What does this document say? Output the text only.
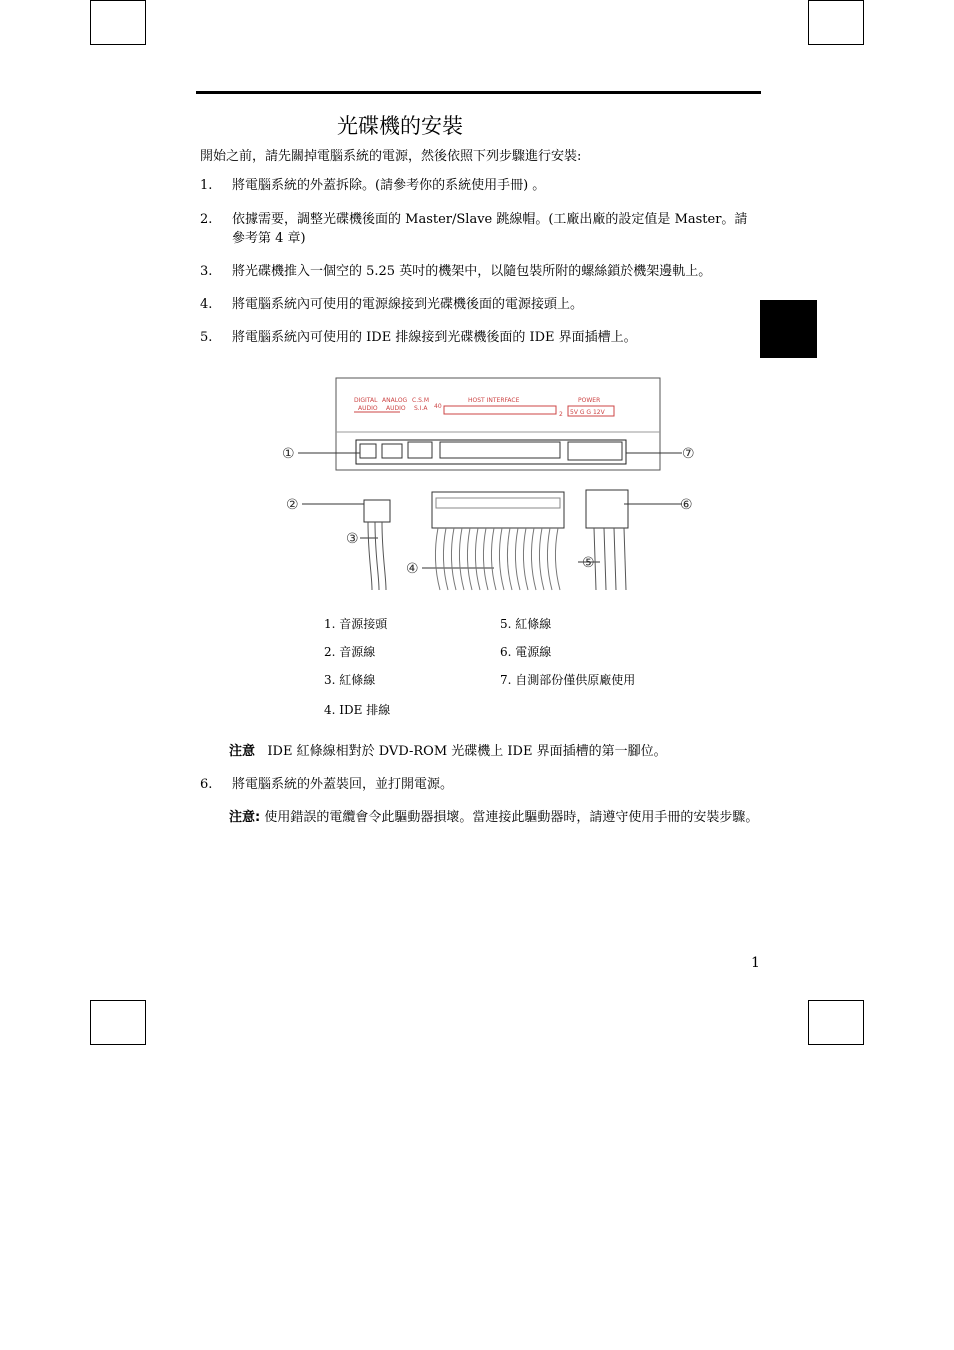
光碟機的安裝
開始之前，請先關掉電腦系統的電源，然後依照下列步驟進行安裝:
1. 將電腦系統的外蓋拆除。(請參考你的系統使用手冊) 。
2. 依據需要，調整光碟機後面的 Master/Slave 跳線帽。(工廠出廠的設定值是 Master。請參考第 4 章)
3. 將光碟機推入一個空的 5.25 英吋的機架中，以隨包裝所附的螺絲鎖於機架邊軌上。
4. 將電腦系統內可使用的電源線接到光碟機後面的電源接頭上。
5. 將電腦系統內可使用的 IDE 排線接到光碟機後面的 IDE 界面插槽上。
DIGITAL ANALOG C.S.M
AUDIO AUDIO S.I.A 40
HOST INTERFACE
2
POWER
5V G G 12V
①
②
③
④	⑤
⑥
⑦
1. 音源接頭
2. 音源線
3. 紅條線
4. IDE 排線
5. 紅條線
6. 電源線
7. 自測部份僅供原廠使用
注意 IDE 紅條線相對於 DVD-ROM 光碟機上 IDE 界面插槽的第一腳位。
6. 將電腦系統的外蓋裝回，並打開電源。
注意: 使用錯誤的電纜會令此驅動器損壞。當連接此驅動器時，請遵守使用手冊的安裝步驟。
1
